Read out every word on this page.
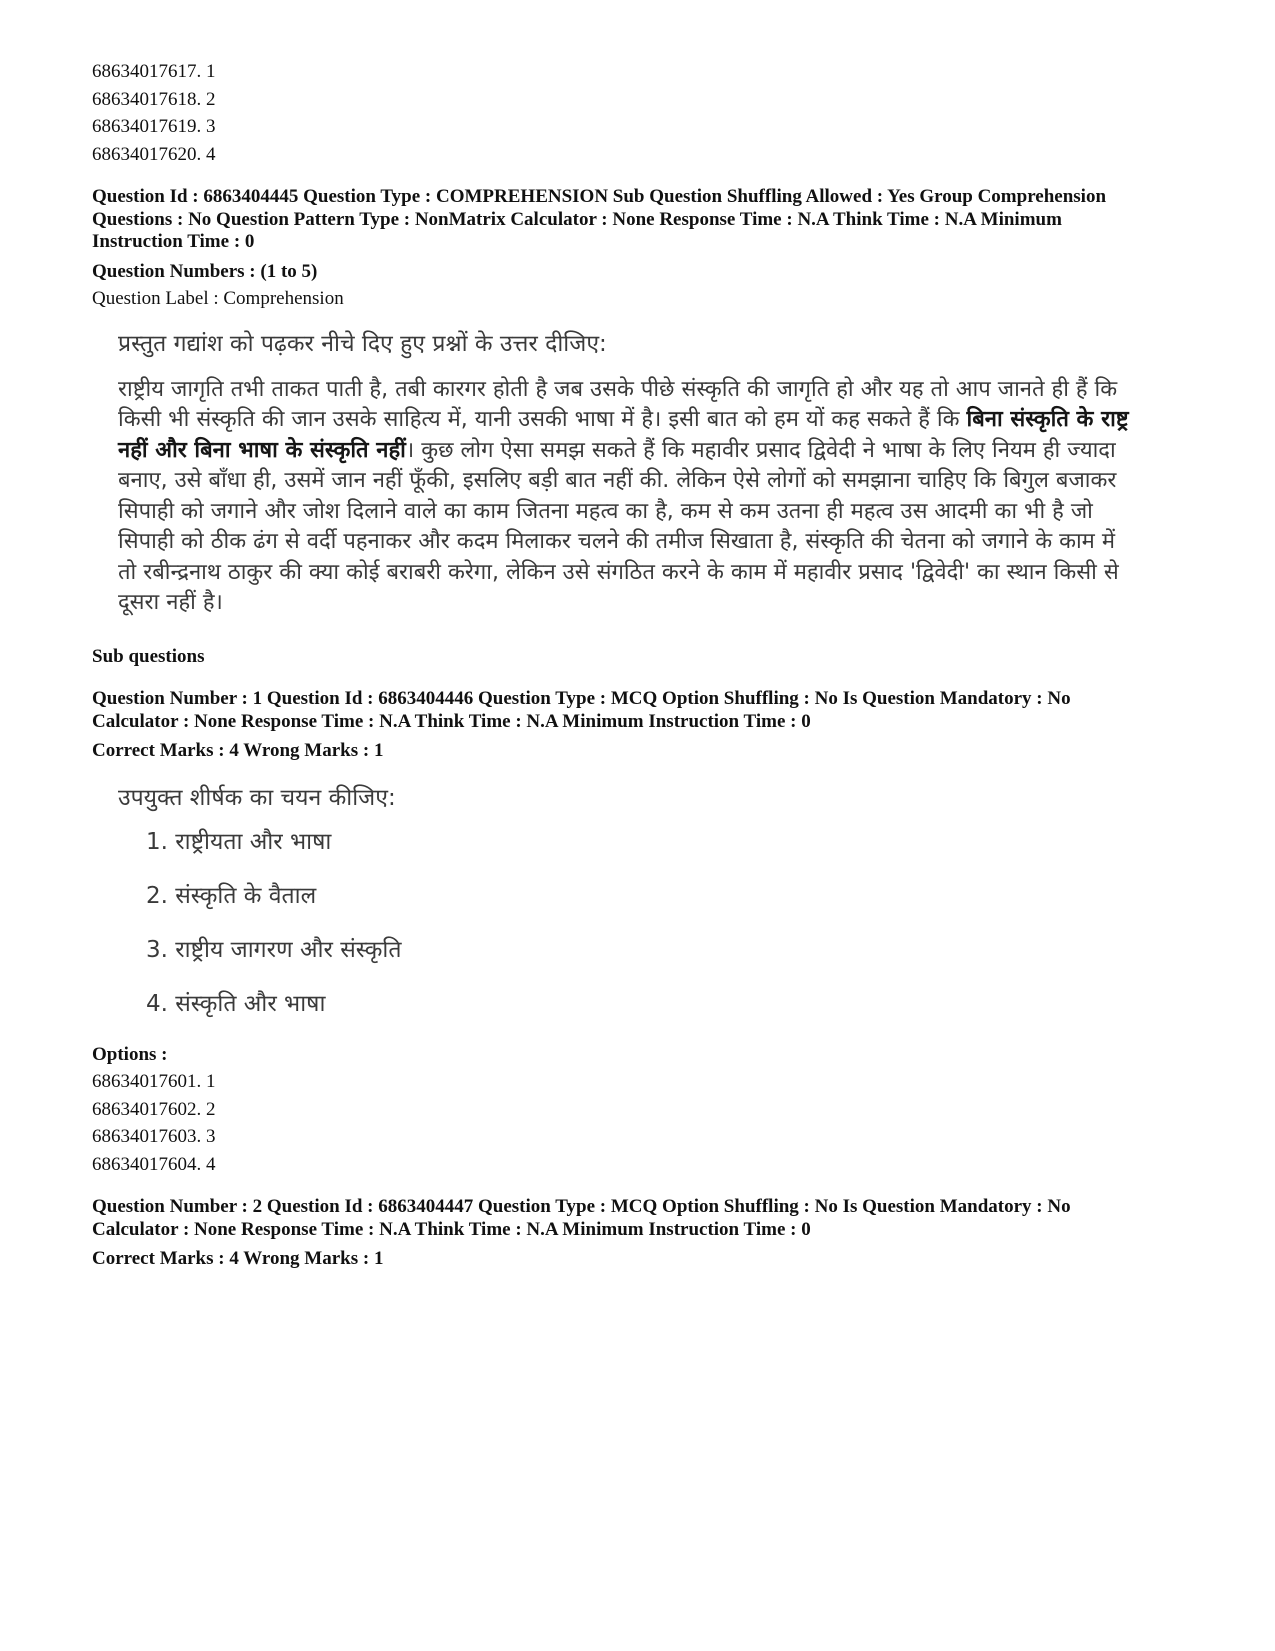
68634017617. 1
68634017618. 2
68634017619. 3
68634017620. 4
Question Id : 6863404445 Question Type : COMPREHENSION Sub Question Shuffling Allowed : Yes Group Comprehension
Questions : No Question Pattern Type : NonMatrix Calculator : None Response Time : N.A Think Time : N.A Minimum
Instruction Time : 0
Question Numbers : (1 to 5)
Question Label : Comprehension
प्रस्तुत गद्यांश को पढ़कर नीचे दिए हुए प्रश्नों के उत्तर दीजिए:
राष्ट्रीय जागृति तभी ताकत पाती है, तबी कारगर होती है जब उसके पीछे संस्कृति की जागृति हो और यह तो आप जानते ही हैं कि किसी भी संस्कृति की जान उसके साहित्य में, यानी उसकी भाषा में है। इसी बात को हम यों कह सकते हैं कि बिना संस्कृति के राष्ट्र नहीं और बिना भाषा के संस्कृति नहीं। कुछ लोग ऐसा समझ सकते हैं कि महावीर प्रसाद द्विवेदी ने भाषा के लिए नियम ही ज्यादा बनाए, उसे बाँधा ही, उसमें जान नहीं फूँकी, इसलिए बड़ी बात नहीं की. लेकिन ऐसे लोगों को समझाना चाहिए कि बिगुल बजाकर सिपाही को जगाने और जोश दिलाने वाले का काम जितना महत्व का है, कम से कम उतना ही महत्व उस आदमी का भी है जो सिपाही को ठीक ढंग से वर्दी पहनाकर और कदम मिलाकर चलने की तमीज सिखाता है, संस्कृति की चेतना को जगाने के काम में तो रबीन्द्रनाथ ठाकुर की क्या कोई बराबरी करेगा, लेकिन उसे संगठित करने के काम में महावीर प्रसाद 'द्विवेदी' का स्थान किसी से दूसरा नहीं है।
Sub questions
Question Number : 1 Question Id : 6863404446 Question Type : MCQ Option Shuffling : No Is Question Mandatory : No
Calculator : None Response Time : N.A Think Time : N.A Minimum Instruction Time : 0
Correct Marks : 4 Wrong Marks : 1
उपयुक्त शीर्षक का चयन कीजिए:
1. राष्ट्रीयता और भाषा
2. संस्कृति के वैताल
3. राष्ट्रीय जागरण और संस्कृति
4. संस्कृति और भाषा
Options :
68634017601. 1
68634017602. 2
68634017603. 3
68634017604. 4
Question Number : 2 Question Id : 6863404447 Question Type : MCQ Option Shuffling : No Is Question Mandatory : No
Calculator : None Response Time : N.A Think Time : N.A Minimum Instruction Time : 0
Correct Marks : 4 Wrong Marks : 1
